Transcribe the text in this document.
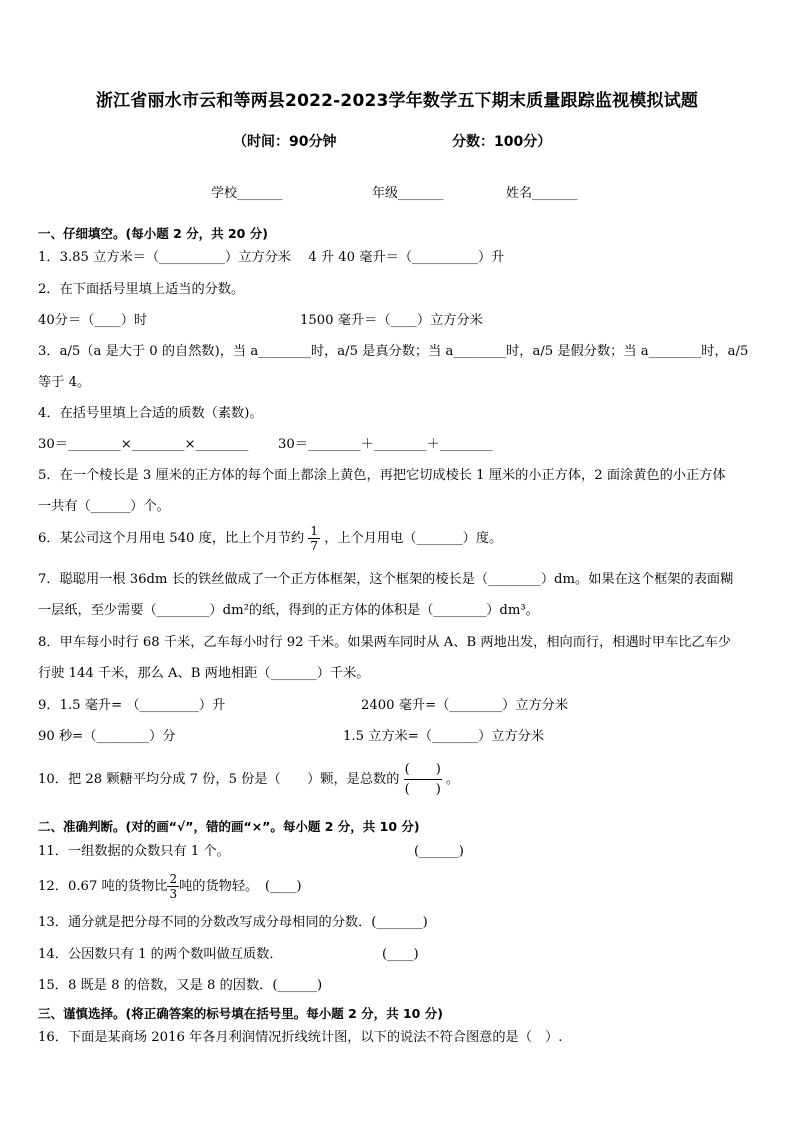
浙江省丽水市云和等两县2022-2023学年数学五下期末质量跟踪监视模拟试题
（时间：90分钟	分数：100分）
学校_______	年级_______	姓名_______
一、仔细填空。(每小题 2 分，共 20 分)
1．3.85 立方米＝（__________）立方分米　 4 升 40 毫升＝（__________）升
2．在下面括号里填上适当的分数。
40分＝（____）时	1500 毫升＝（____）立方分米
3．a/5（a 是大于 0 的自然数)，当 a________时，a/5 是真分数；当 a________时，a/5 是假分数；当 a________时，a/5
等于 4。
4．在括号里填上合适的质数（素数)。
30＝________×________×________ 30＝________＋________＋________
5．在一个棱长是 3 厘米的正方体的每个面上都涂上黄色，再把它切成棱长 1 厘米的小正方体，2 面涂黄色的小正方体
一共有（______）个。
6．某公司这个月用电 540 度，比上个月节约 $\frac{1}{7}$ ，上个月用电（_______）度。
7．聪聪用一根 36dm 长的铁丝做成了一个正方体框架，这个框架的棱长是（________）dm。如果在这个框架的表面糊
一层纸，至少需要（________）dm²的纸，得到的正方体的体积是（________）dm³。
8．甲车每小时行 68 千米，乙车每小时行 92 千米。如果两车同时从 A、B 两地出发，相向而行，相遇时甲车比乙车少
行驶 144 千米，那么 A、B 两地相距（_______）千米。
9．1.5 毫升= （_________）升	2400 毫升=（________）立方分米
90 秒=（________）分	1.5 立方米=（_______）立方分米
10．把 28 颗糖平均分成 7 份，5 份是（　　）颗，是总数的 $\frac{( )}{( )}$ 。
二、准确判断。(对的画“√”，错的画“×”。每小题 2 分，共 10 分)
11．一组数据的众数只有 1 个。	(______)
12．0.67 吨的货物比 $\frac{2}{3}$ 吨的货物轻。　(____)
13．通分就是把分母不同的分数改写成分母相同的分数．(_______)
14．公因数只有 1 的两个数叫做互质数．	(____)
15．8 既是 8 的倍数，又是 8 的因数．(______)
三、谨慎选择。(将正确答案的标号填在括号里。每小题 2 分，共 10 分)
16．下面是某商场 2016 年各月利润情况折线统计图，以下的说法不符合图意的是（　）.
